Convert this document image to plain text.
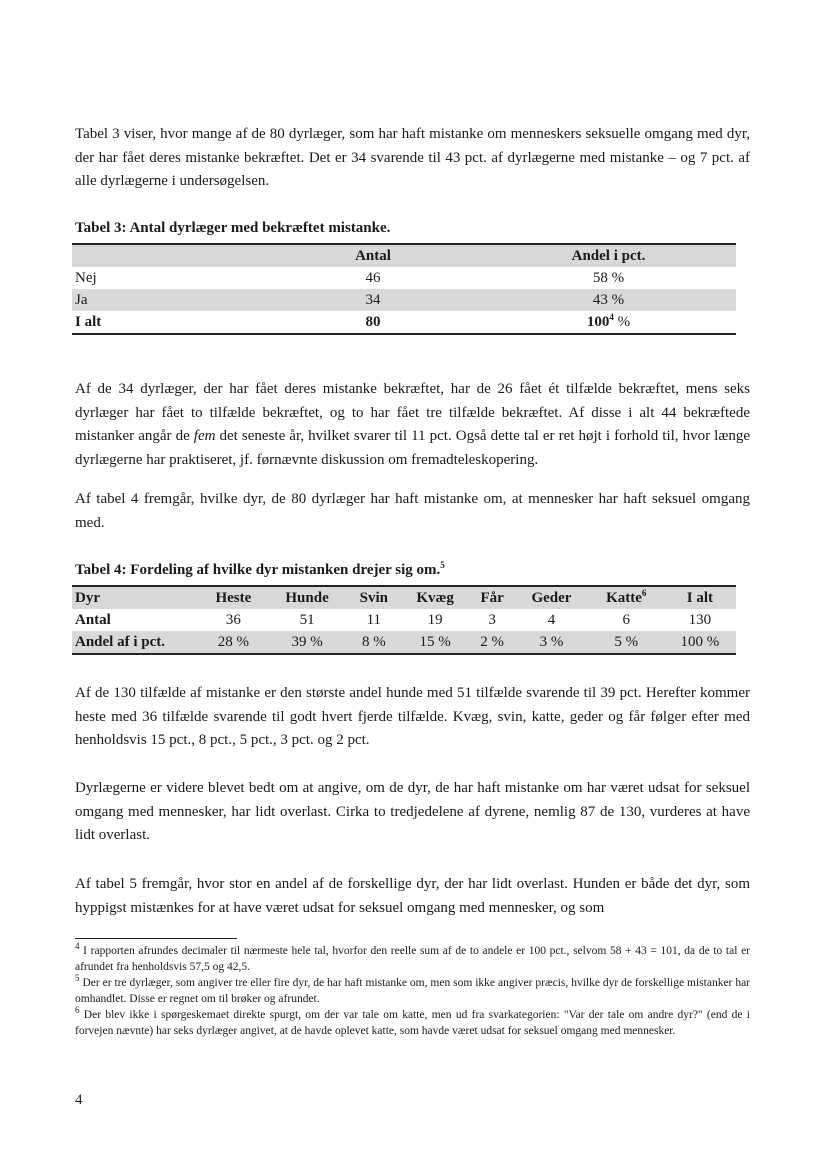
Tabel 3 viser, hvor mange af de 80 dyrlæger, som har haft mistanke om menneskers seksuelle omgang med dyr, der har fået deres mistanke bekræftet. Det er 34 svarende til 43 pct. af dyrlægerne med mistanke – og 7 pct. af alle dyrlægerne i undersøgelsen.
Tabel 3: Antal dyrlæger med bekræftet mistanke.
	Antal	Andel i pct.
Nej	46	58 %
Ja	34	43 %
I alt	80	$100^4$ %
Af de 34 dyrlæger, der har fået deres mistanke bekræftet, har de 26 fået ét tilfælde bekræftet, mens seks dyrlæger har fået to tilfælde bekræftet, og to har fået tre tilfælde bekræftet. Af disse i alt 44 bekræftede mistanker angår de fem det seneste år, hvilket svarer til 11 pct. Også dette tal er ret højt i forhold til, hvor længe dyrlægerne har praktiseret, jf. førnævnte diskussion om fremadteleskopering.
Af tabel 4 fremgår, hvilke dyr, de 80 dyrlæger har haft mistanke om, at mennesker har haft seksuel omgang med.
Tabel 4: Fordeling af hvilke dyr mistanken drejer sig om.$^5$
Dyr	Heste	Hunde	Svin	Kvæg	Får	Geder	Katte$^6$	I alt
Antal	36	51	11	19	3	4	6	130
Andel af i pct.	28 %	39 %	8 %	15 %	2 %	3 %	5 %	100 %
Af de 130 tilfælde af mistanke er den største andel hunde med 51 tilfælde svarende til 39 pct. Herefter kommer heste med 36 tilfælde svarende til godt hvert fjerde tilfælde. Kvæg, svin, katte, geder og får følger efter med henholdsvis 15 pct., 8 pct., 5 pct., 3 pct. og 2 pct.
Dyrlægerne er videre blevet bedt om at angive, om de dyr, de har haft mistanke om har været udsat for seksuel omgang med mennesker, har lidt overlast. Cirka to tredjedelene af dyrene, nemlig 87 de 130, vurderes at have lidt overlast.
Af tabel 5 fremgår, hvor stor en andel af de forskellige dyr, der har lidt overlast. Hunden er både det dyr, som hyppigst mistænkes for at have været udsat for seksuel omgang med mennesker, og som
$^4$ I rapporten afrundes decimaler til nærmeste hele tal, hvorfor den reelle sum af de to andele er 100 pct., selvom 58 + 43 = 101, da de to tal er afrundet fra henholdsvis 57,5 og 42,5.
$^5$ Der er tre dyrlæger, som angiver tre eller fire dyr, de har haft mistanke om, men som ikke angiver præcis, hvilke dyr de forskellige mistanker har omhandlet. Disse er regnet om til brøker og afrundet.
$^6$ Der blev ikke i spørgeskemaet direkte spurgt, om der var tale om katte, men ud fra svarkategorien: "Var der tale om andre dyr?" (end de i forvejen nævnte) har seks dyrlæger angivet, at de havde oplevet katte, som havde været udsat for seksuel omgang med mennesker.
4
